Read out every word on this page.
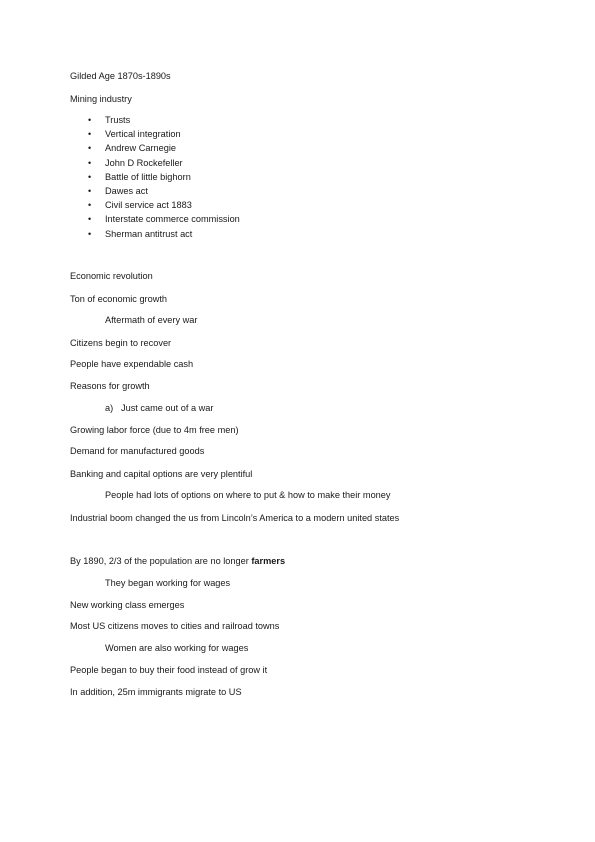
Gilded Age 1870s-1890s
Mining industry
• Trusts
• Vertical integration
• Andrew Carnegie
• John D Rockefeller
• Battle of little bighorn
• Dawes act
• Civil service act 1883
• Interstate commerce commission
• Sherman antitrust act
Economic revolution
Ton of economic growth
Aftermath of every war
Citizens begin to recover
People have expendable cash
Reasons for growth
a) Just came out of a war
Growing labor force (due to 4m free men)
Demand for manufactured goods
Banking and capital options are very plentiful
People had lots of options on where to put & how to make their money
Industrial boom changed the us from Lincoln’s America to a modern united states
By 1890, 2/3 of the population are no longer farmers
They began working for wages
New working class emerges
Most US citizens moves to cities and railroad towns
Women are also working for wages
People began to buy their food instead of grow it
In addition, 25m immigrants migrate to US
